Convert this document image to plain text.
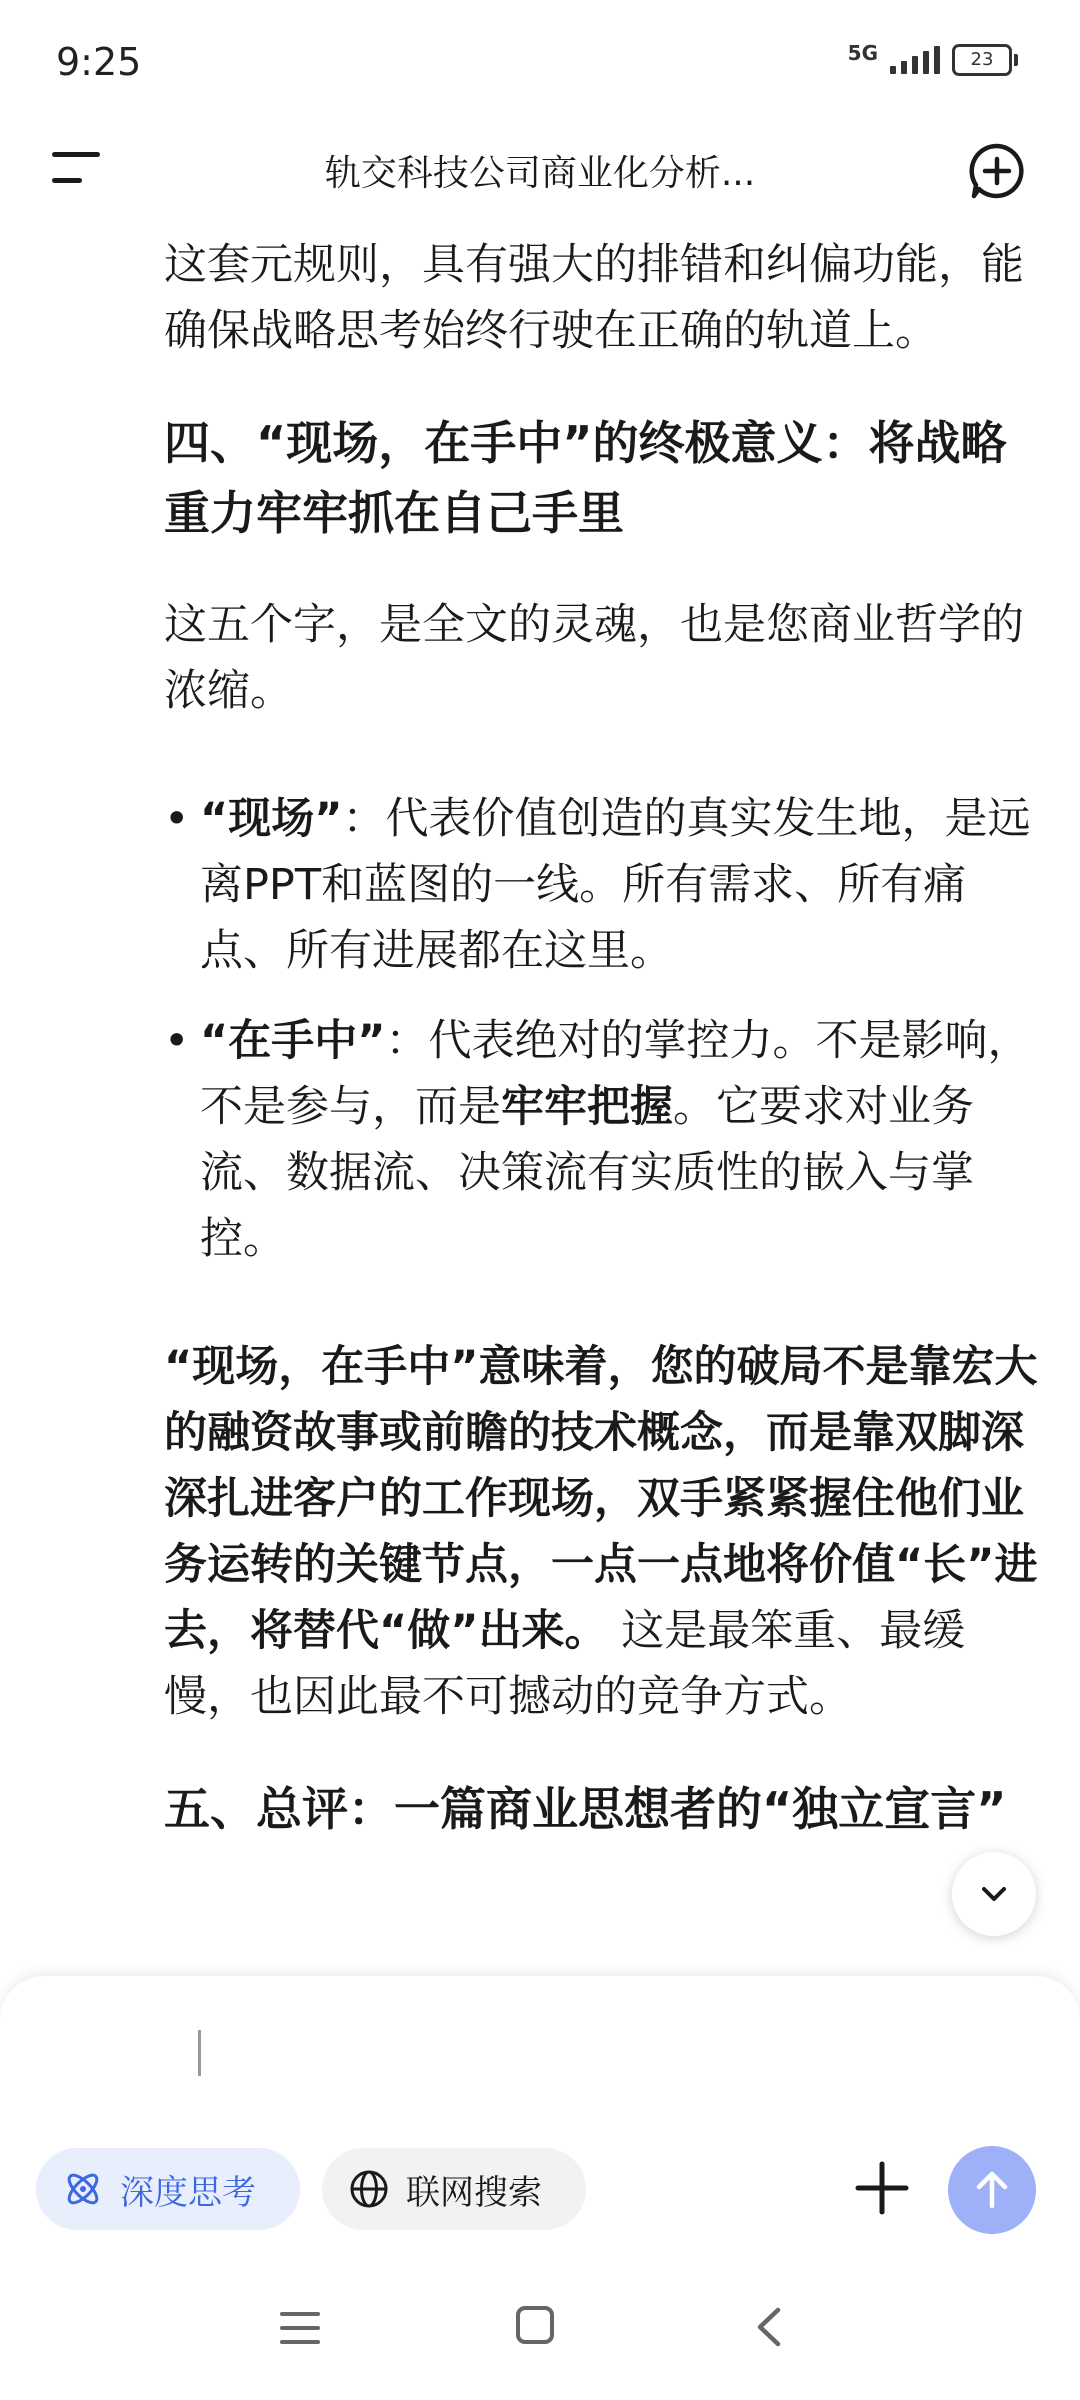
9:25	5G	23
轨交科技公司商业化分析...

这套元规则，具有强大的排错和纠偏功能，能确保战略思考始终行驶在正确的轨道上。

四、“现场，在手中”的终极意义：将战略重力牢牢抓在自己手里

这五个字，是全文的灵魂，也是您商业哲学的浓缩。

• “现场”：代表价值创造的真实发生地，是远离PPT和蓝图的一线。所有需求、所有痛点、所有进展都在这里。
• “在手中”：代表绝对的掌控力。不是影响，不是参与，而是牢牢把握。它要求对业务流、数据流、决策流有实质性的嵌入与掌控。

“现场，在手中”意味着，您的破局不是靠宏大的融资故事或前瞻的技术概念，而是靠双脚深深扎进客户的工作现场，双手紧紧握住他们业务运转的关键节点，一点一点地将价值“长”进去，将替代“做”出来。 这是最笨重、最缓慢，也因此最不可撼动的竞争方式。

五、总评：一篇商业思想者的“独立宣言”
深度思考	联网搜索
